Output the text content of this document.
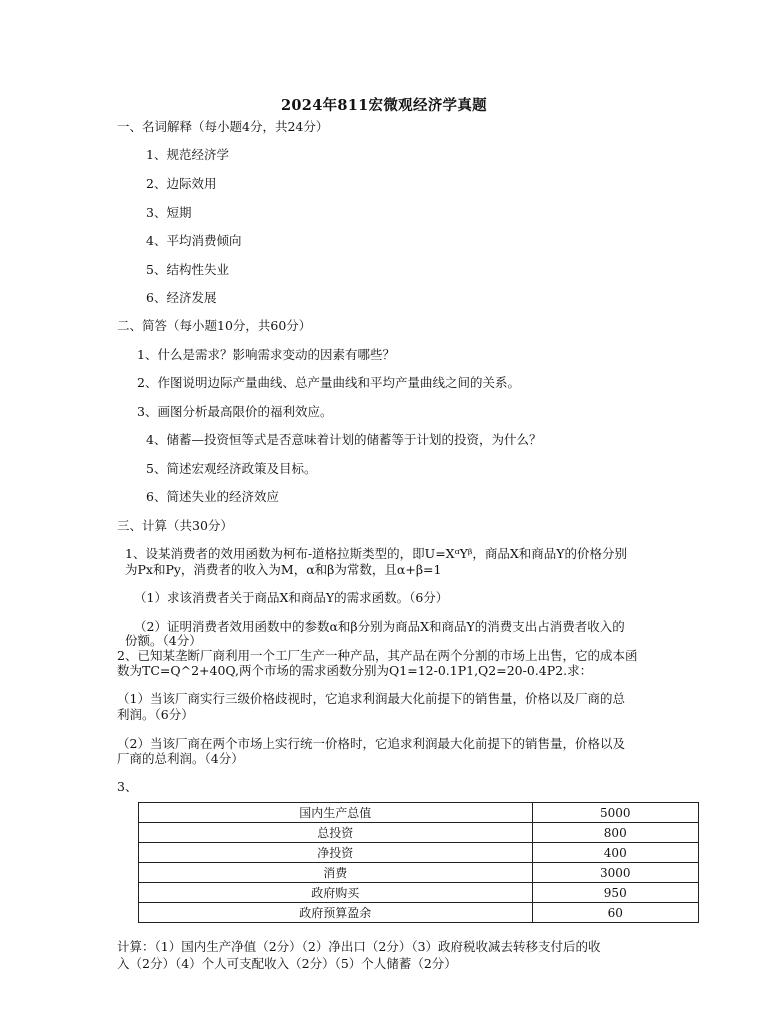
2024年811宏微观经济学真题
一、名词解释（每小题4分，共24分）
1、规范经济学
2、边际效用
3、短期
4、平均消费倾向
5、结构性失业
6、经济发展
二、简答（每小题10分，共60分）
1、什么是需求？影响需求变动的因素有哪些？
2、作图说明边际产量曲线、总产量曲线和平均产量曲线之间的关系。
3、画图分析最高限价的福利效应。
4、储蓄—投资恒等式是否意味着计划的储蓄等于计划的投资，为什么？
5、简述宏观经济政策及目标。
6、简述失业的经济效应
三、计算（共30分）
1、设某消费者的效用函数为柯布-道格拉斯类型的，即U=XᵅYᵝ，商品X和商品Y的价格分别
为Px和Py，消费者的收入为M，α和β为常数，且α+β=1
（1）求该消费者关于商品X和商品Y的需求函数。（6分）
（2）证明消费者效用函数中的参数α和β分别为商品X和商品Y的消费支出占消费者收入的
份额。（4分）
2、已知某垄断厂商利用一个工厂生产一种产品，其产品在两个分割的市场上出售，它的成本函
数为TC=Q^2+40Q,两个市场的需求函数分别为Q1=12-0.1P1,Q2=20-0.4P2.求：
（1）当该厂商实行三级价格歧视时，它追求利润最大化前提下的销售量，价格以及厂商的总
利润。（6分）
（2）当该厂商在两个市场上实行统一价格时，它追求利润最大化前提下的销售量，价格以及
厂商的总利润。（4分）
3、
国内生产总值	5000
总投资	800
净投资	400
消费	3000
政府购买	950
政府预算盈余	60
计算：（1）国内生产净值（2分）（2）净出口（2分）（3）政府税收减去转移支付后的收
入（2分）（4）个人可支配收入（2分）（5）个人储蓄（2分）
